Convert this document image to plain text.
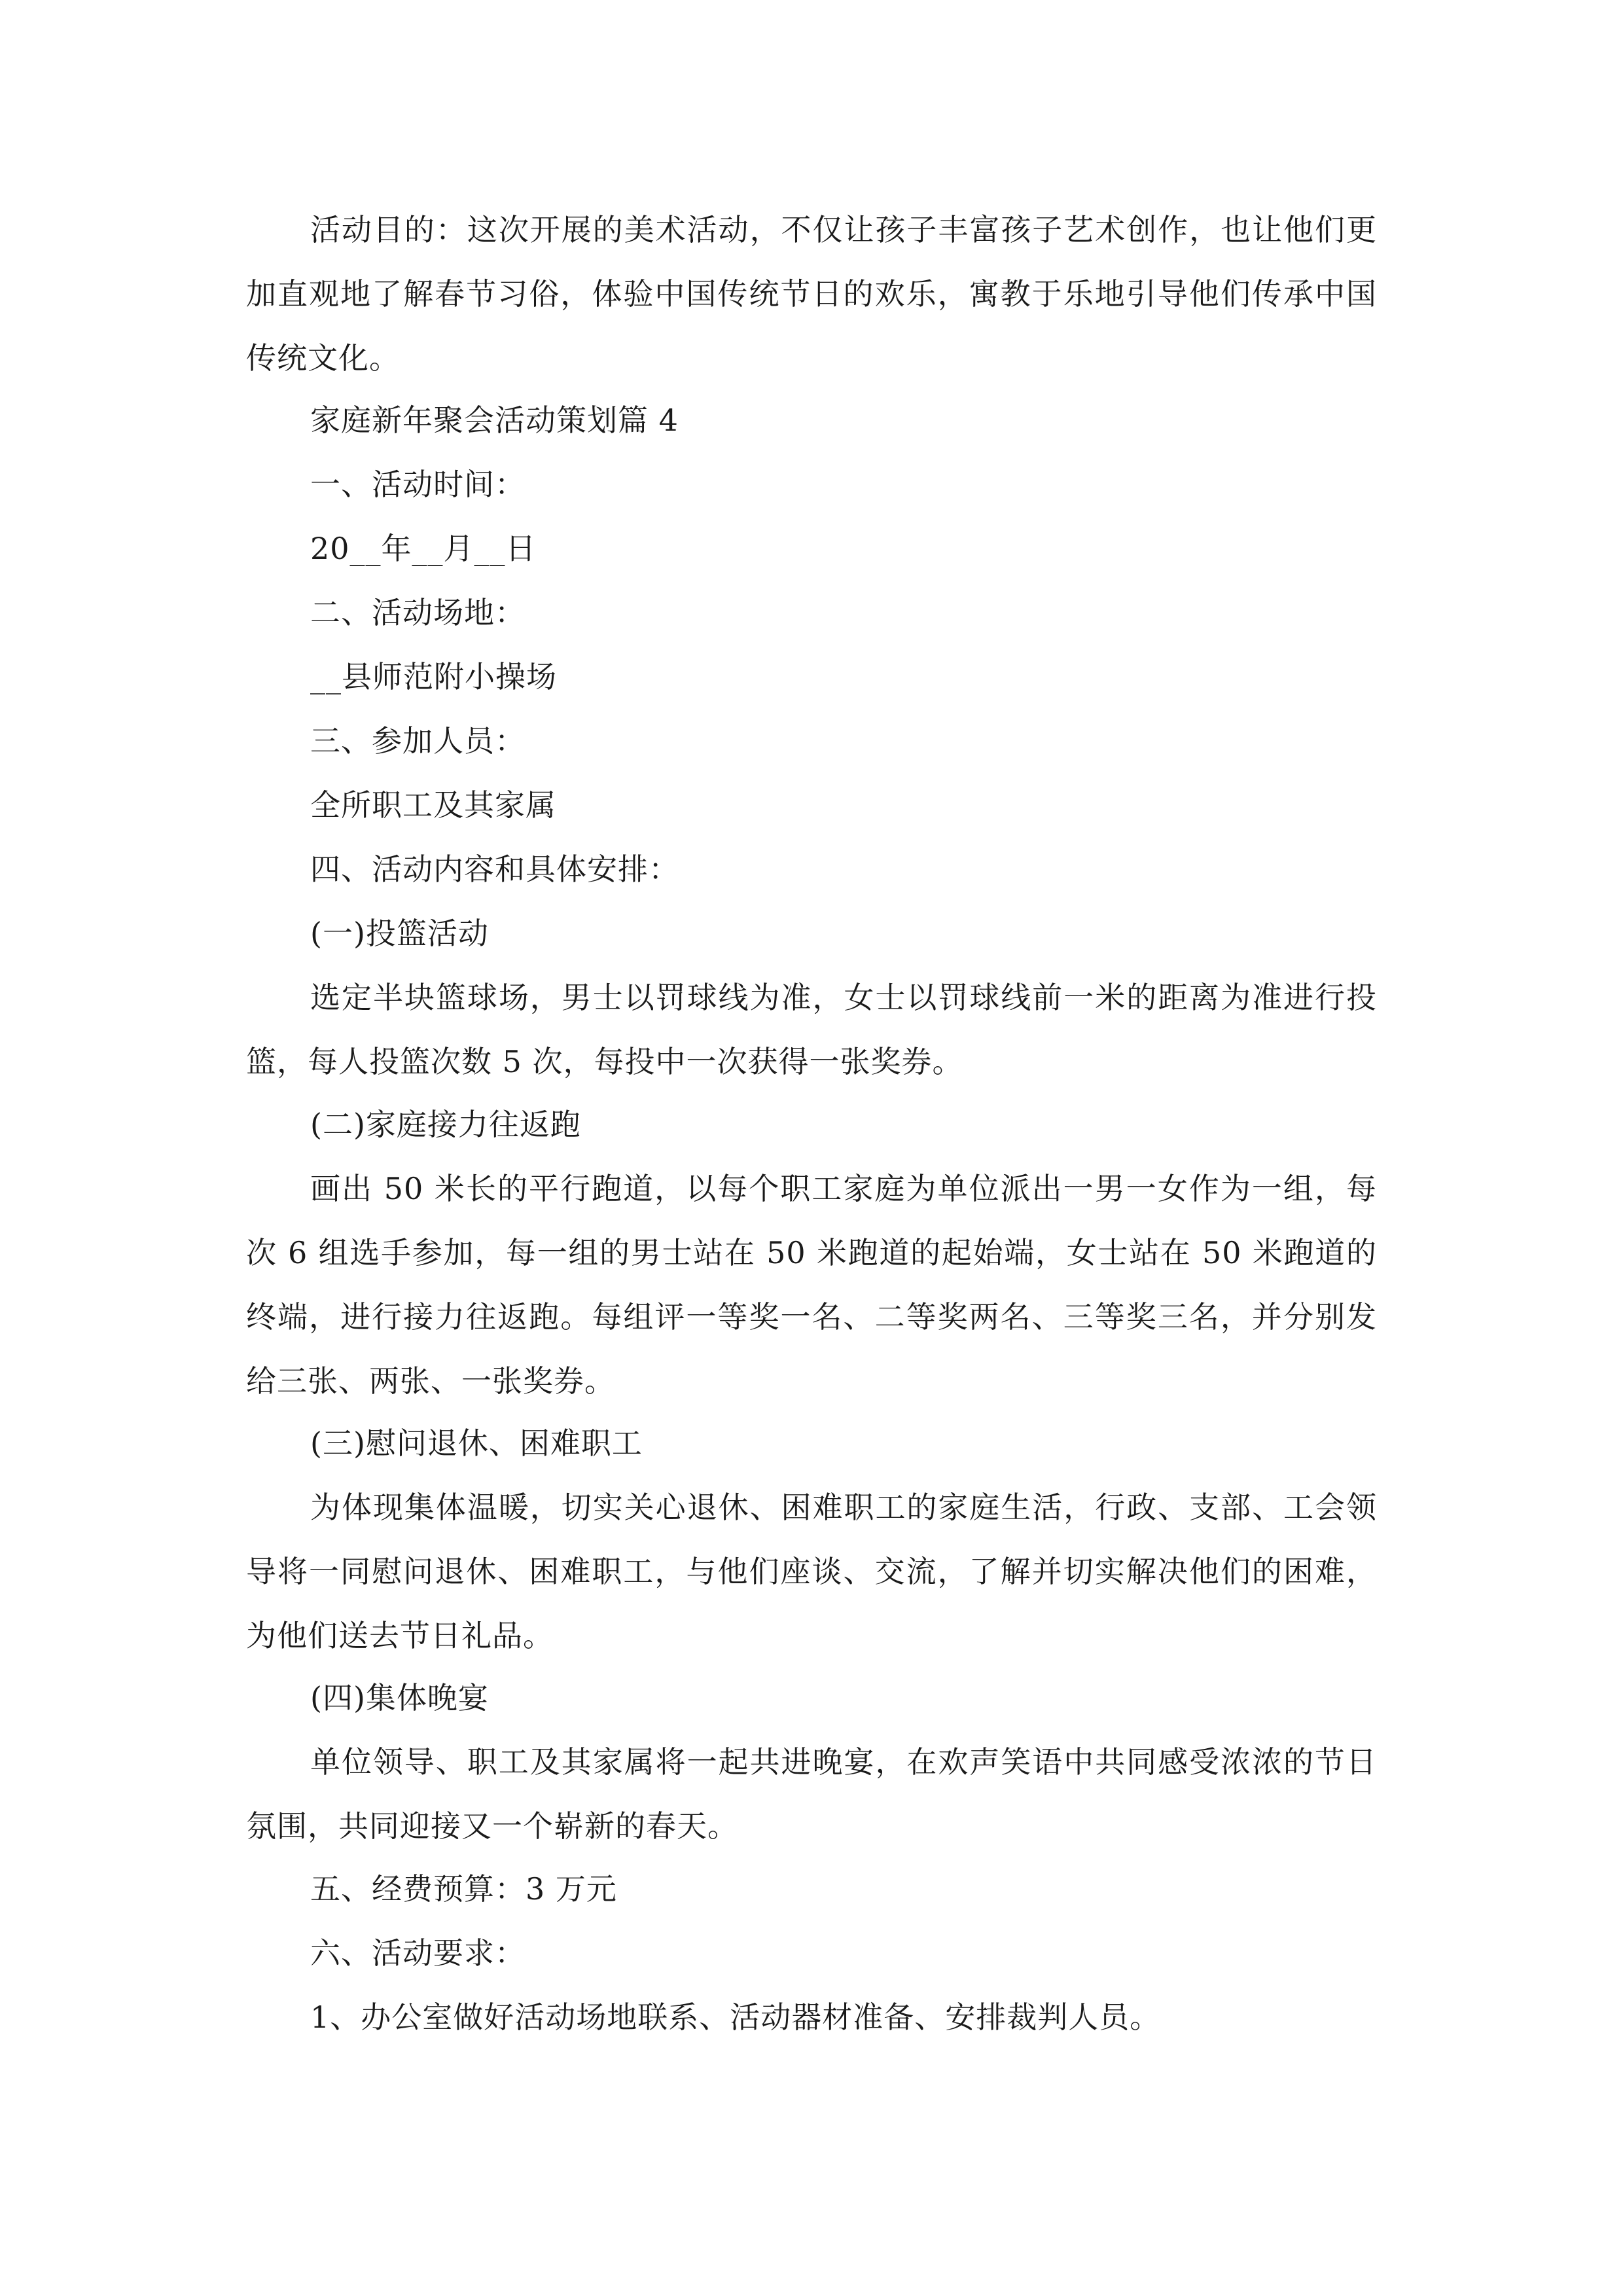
活动目的：这次开展的美术活动，不仅让孩子丰富孩子艺术创作，也让他们更加直观地了解春节习俗，体验中国传统节日的欢乐，寓教于乐地引导他们传承中国传统文化。

家庭新年聚会活动策划篇 4

一、活动时间：

20__年__月__日

二、活动场地：

__县师范附小操场

三、参加人员：

全所职工及其家属

四、活动内容和具体安排：

(一)投篮活动

选定半块篮球场，男士以罚球线为准，女士以罚球线前一米的距离为准进行投篮，每人投篮次数 5 次，每投中一次获得一张奖券。

(二)家庭接力往返跑

画出 50 米长的平行跑道，以每个职工家庭为单位派出一男一女作为一组，每次 6 组选手参加，每一组的男士站在 50 米跑道的起始端，女士站在 50 米跑道的终端，进行接力往返跑。每组评一等奖一名、二等奖两名、三等奖三名，并分别发给三张、两张、一张奖券。

(三)慰问退休、困难职工

为体现集体温暖，切实关心退休、困难职工的家庭生活，行政、支部、工会领导将一同慰问退休、困难职工，与他们座谈、交流，了解并切实解决他们的困难，为他们送去节日礼品。

(四)集体晚宴

单位领导、职工及其家属将一起共进晚宴，在欢声笑语中共同感受浓浓的节日氛围，共同迎接又一个崭新的春天。

五、经费预算：3 万元

六、活动要求：

1、办公室做好活动场地联系、活动器材准备、安排裁判人员。
